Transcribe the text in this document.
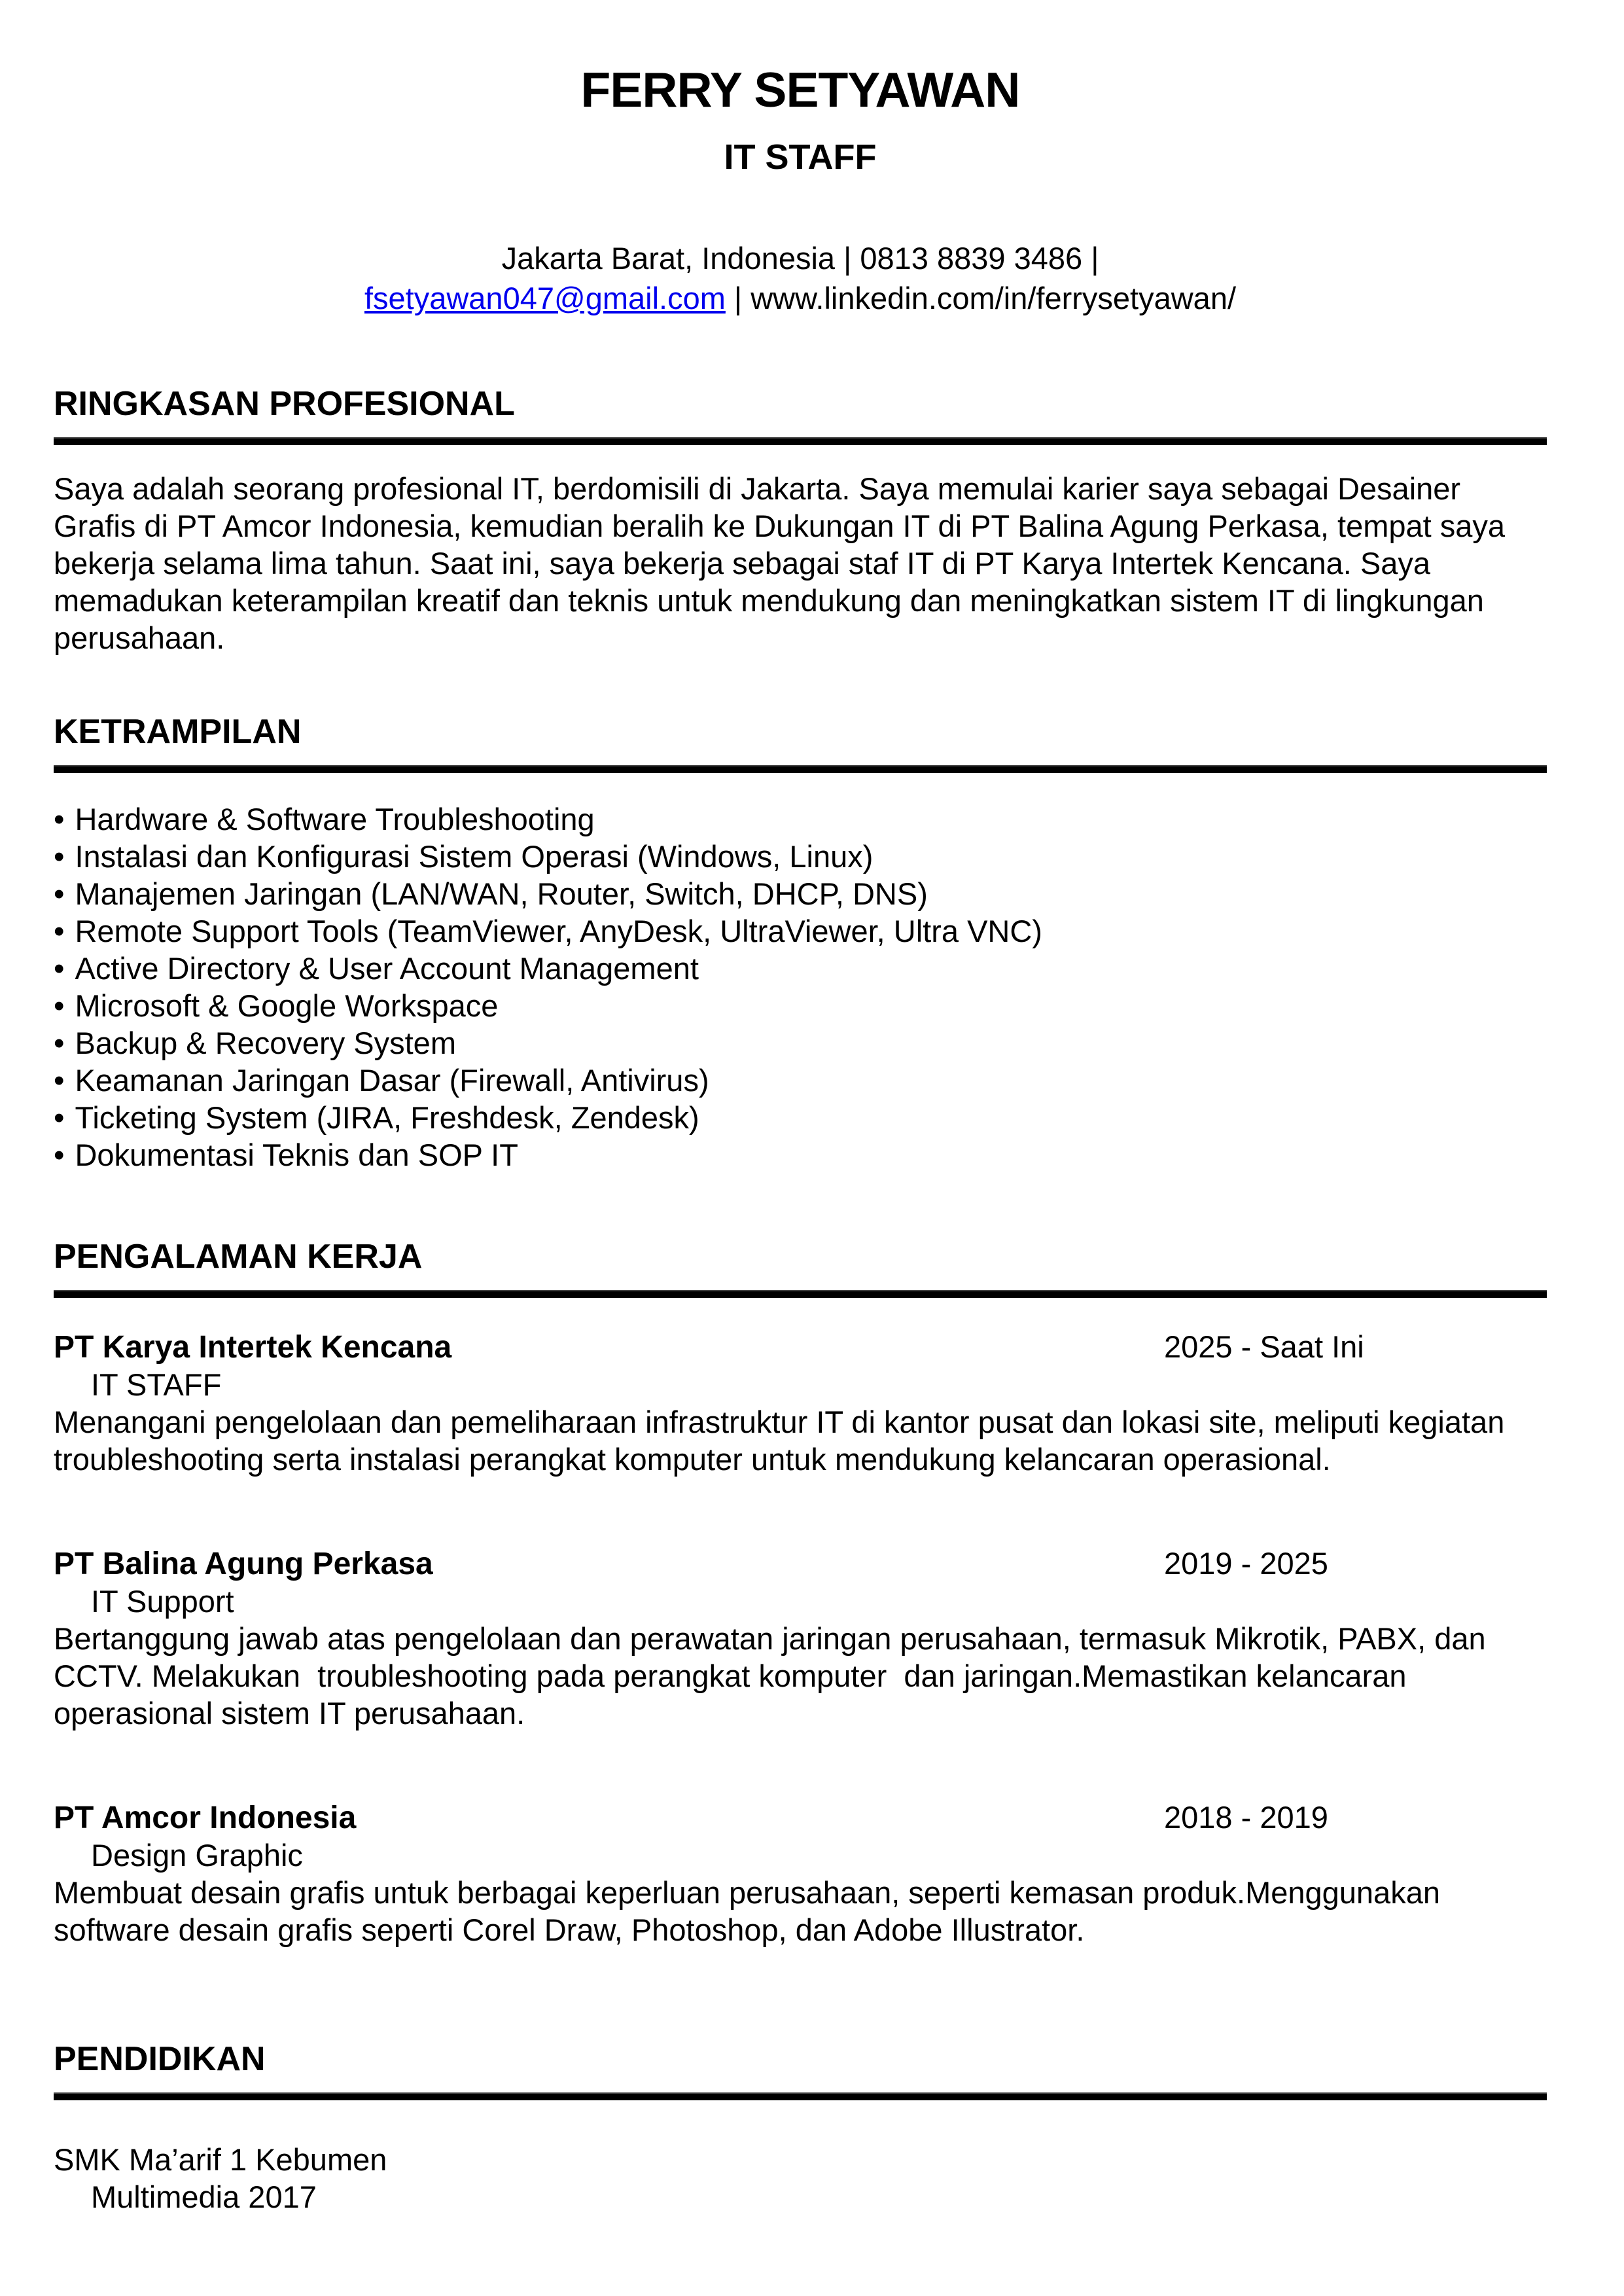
FERRY SETYAWAN
IT STAFF
Jakarta Barat, Indonesia | 0813 8839 3486 |
fsetyawan047@gmail.com | www.linkedin.com/in/ferrysetyawan/
RINGKASAN PROFESIONAL
Saya adalah seorang profesional IT, berdomisili di Jakarta. Saya memulai karier saya sebagai Desainer Grafis di PT Amcor Indonesia, kemudian beralih ke Dukungan IT di PT Balina Agung Perkasa, tempat saya bekerja selama lima tahun. Saat ini, saya bekerja sebagai staf IT di PT Karya Intertek Kencana. Saya memadukan keterampilan kreatif dan teknis untuk mendukung dan meningkatkan sistem IT di lingkungan perusahaan.
KETRAMPILAN
• Hardware & Software Troubleshooting
• Instalasi dan Konfigurasi Sistem Operasi (Windows, Linux)
• Manajemen Jaringan (LAN/WAN, Router, Switch, DHCP, DNS)
• Remote Support Tools (TeamViewer, AnyDesk, UltraViewer, Ultra VNC)
• Active Directory & User Account Management
• Microsoft & Google Workspace
• Backup & Recovery System
• Keamanan Jaringan Dasar (Firewall, Antivirus)
• Ticketing System (JIRA, Freshdesk, Zendesk)
• Dokumentasi Teknis dan SOP IT
PENGALAMAN KERJA
PT Karya Intertek Kencana	2025 - Saat Ini
IT STAFF
Menangani pengelolaan dan pemeliharaan infrastruktur IT di kantor pusat dan lokasi site, meliputi kegiatan troubleshooting serta instalasi perangkat komputer untuk mendukung kelancaran operasional.
PT Balina Agung Perkasa	2019 - 2025
IT Support
Bertanggung jawab atas pengelolaan dan perawatan jaringan perusahaan, termasuk Mikrotik, PABX, dan CCTV. Melakukan  troubleshooting pada perangkat komputer  dan jaringan.Memastikan kelancaran operasional sistem IT perusahaan.
PT Amcor Indonesia	2018 - 2019
Design Graphic
Membuat desain grafis untuk berbagai keperluan perusahaan, seperti kemasan produk.Menggunakan software desain grafis seperti Corel Draw, Photoshop, dan Adobe Illustrator.
PENDIDIKAN
SMK Ma’arif 1 Kebumen
Multimedia 2017
